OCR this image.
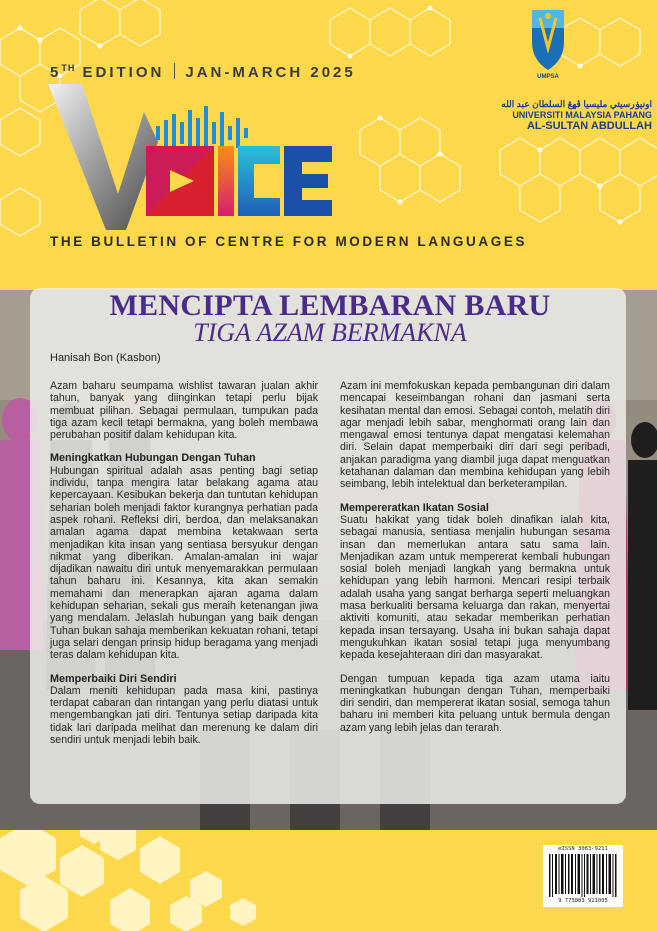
5TH EDITION JAN-MARCH 2025	UMPSA
اونيۏرسيتي مليسيا ڤهڠ السلطان عبد الله
UNIVERSITI MALAYSIA PAHANG
AL-SULTAN ABDULLAH
THE BULLETIN OF CENTRE FOR MODERN LANGUAGES
MENCIPTA LEMBARAN BARU
TIGA AZAM BERMAKNA
Hanisah Bon (Kasbon)

Azam baharu seumpama wishlist tawaran jualan akhir tahun, banyak yang diinginkan tetapi perlu bijak membuat pilihan. Sebagai permulaan, tumpukan pada tiga azam kecil tetapi bermakna, yang boleh membawa perubahan positif dalam kehidupan kita.

Meningkatkan Hubungan Dengan Tuhan

Hubungan spiritual adalah asas penting bagi setiap individu, tanpa mengira latar belakang agama atau kepercayaan. Kesibukan bekerja dan tuntutan kehidupan seharian boleh menjadi faktor kurangnya perhatian pada aspek rohani. Refleksi diri, berdoa, dan melaksanakan amalan agama dapat membina ketakwaan serta menjadikan kita insan yang sentiasa bersyukur dengan nikmat yang diberikan. Amalan-amalan ini wajar dijadikan nawaitu diri untuk menyemarakkan permulaan tahun baharu ini. Kesannya, kita akan semakin memahami dan menerapkan ajaran agama dalam kehidupan seharian, sekali gus meraih ketenangan jiwa yang mendalam. Jelaslah hubungan yang baik dengan Tuhan bukan sahaja memberikan kekuatan rohani, tetapi juga selari dengan prinsip hidup beragama yang menjadi teras dalam kehidupan kita.

Memperbaiki Diri Sendiri

Dalam meniti kehidupan pada masa kini, pastinya terdapat cabaran dan rintangan yang perlu diatasi untuk mengembangkan jati diri. Tentunya setiap daripada kita tidak lari daripada melihat dan merenung ke dalam diri sendiri untuk menjadi lebih baik.

Azam ini memfokuskan kepada pembangunan diri dalam mencapai keseimbangan rohani dan jasmani serta kesihatan mental dan emosi. Sebagai contoh, melatih diri agar menjadi lebih sabar, menghormati orang lain dan mengawal emosi tentunya dapat mengatasi kelemahan diri. Selain dapat memperbaiki diri dari segi peribadi, anjakan paradigma yang diambil juga dapat menguatkan ketahanan dalaman dan membina kehidupan yang lebih seimbang, lebih intelektual dan berketerampilan.

Mempereratkan Ikatan Sosial

Suatu hakikat yang tidak boleh dinafikan ialah kita, sebagai manusia, sentiasa menjalin hubungan sesama insan dan memerlukan antara satu sama lain. Menjadikan azam untuk mempererat kembali hubungan sosial boleh menjadi langkah yang bermakna untuk kehidupan yang lebih harmoni. Mencari resipi terbaik adalah usaha yang sangat berharga seperti meluangkan masa berkualiti bersama keluarga dan rakan, menyertai aktiviti komuniti, atau sekadar memberikan perhatian kepada insan tersayang. Usaha ini bukan sahaja dapat mengukuhkan ikatan sosial tetapi juga menyumbang kepada kesejahteraan diri dan masyarakat.

Dengan tumpuan kepada tiga azam utama iaitu meningkatkan hubungan dengan Tuhan, memperbaiki diri sendiri, dan mempererat ikatan sosial, semoga tahun baharu ini memberi kita peluang untuk bermula dengan azam yang lebih jelas dan terarah.

eISSN 3083-9211
9 773083 921005
